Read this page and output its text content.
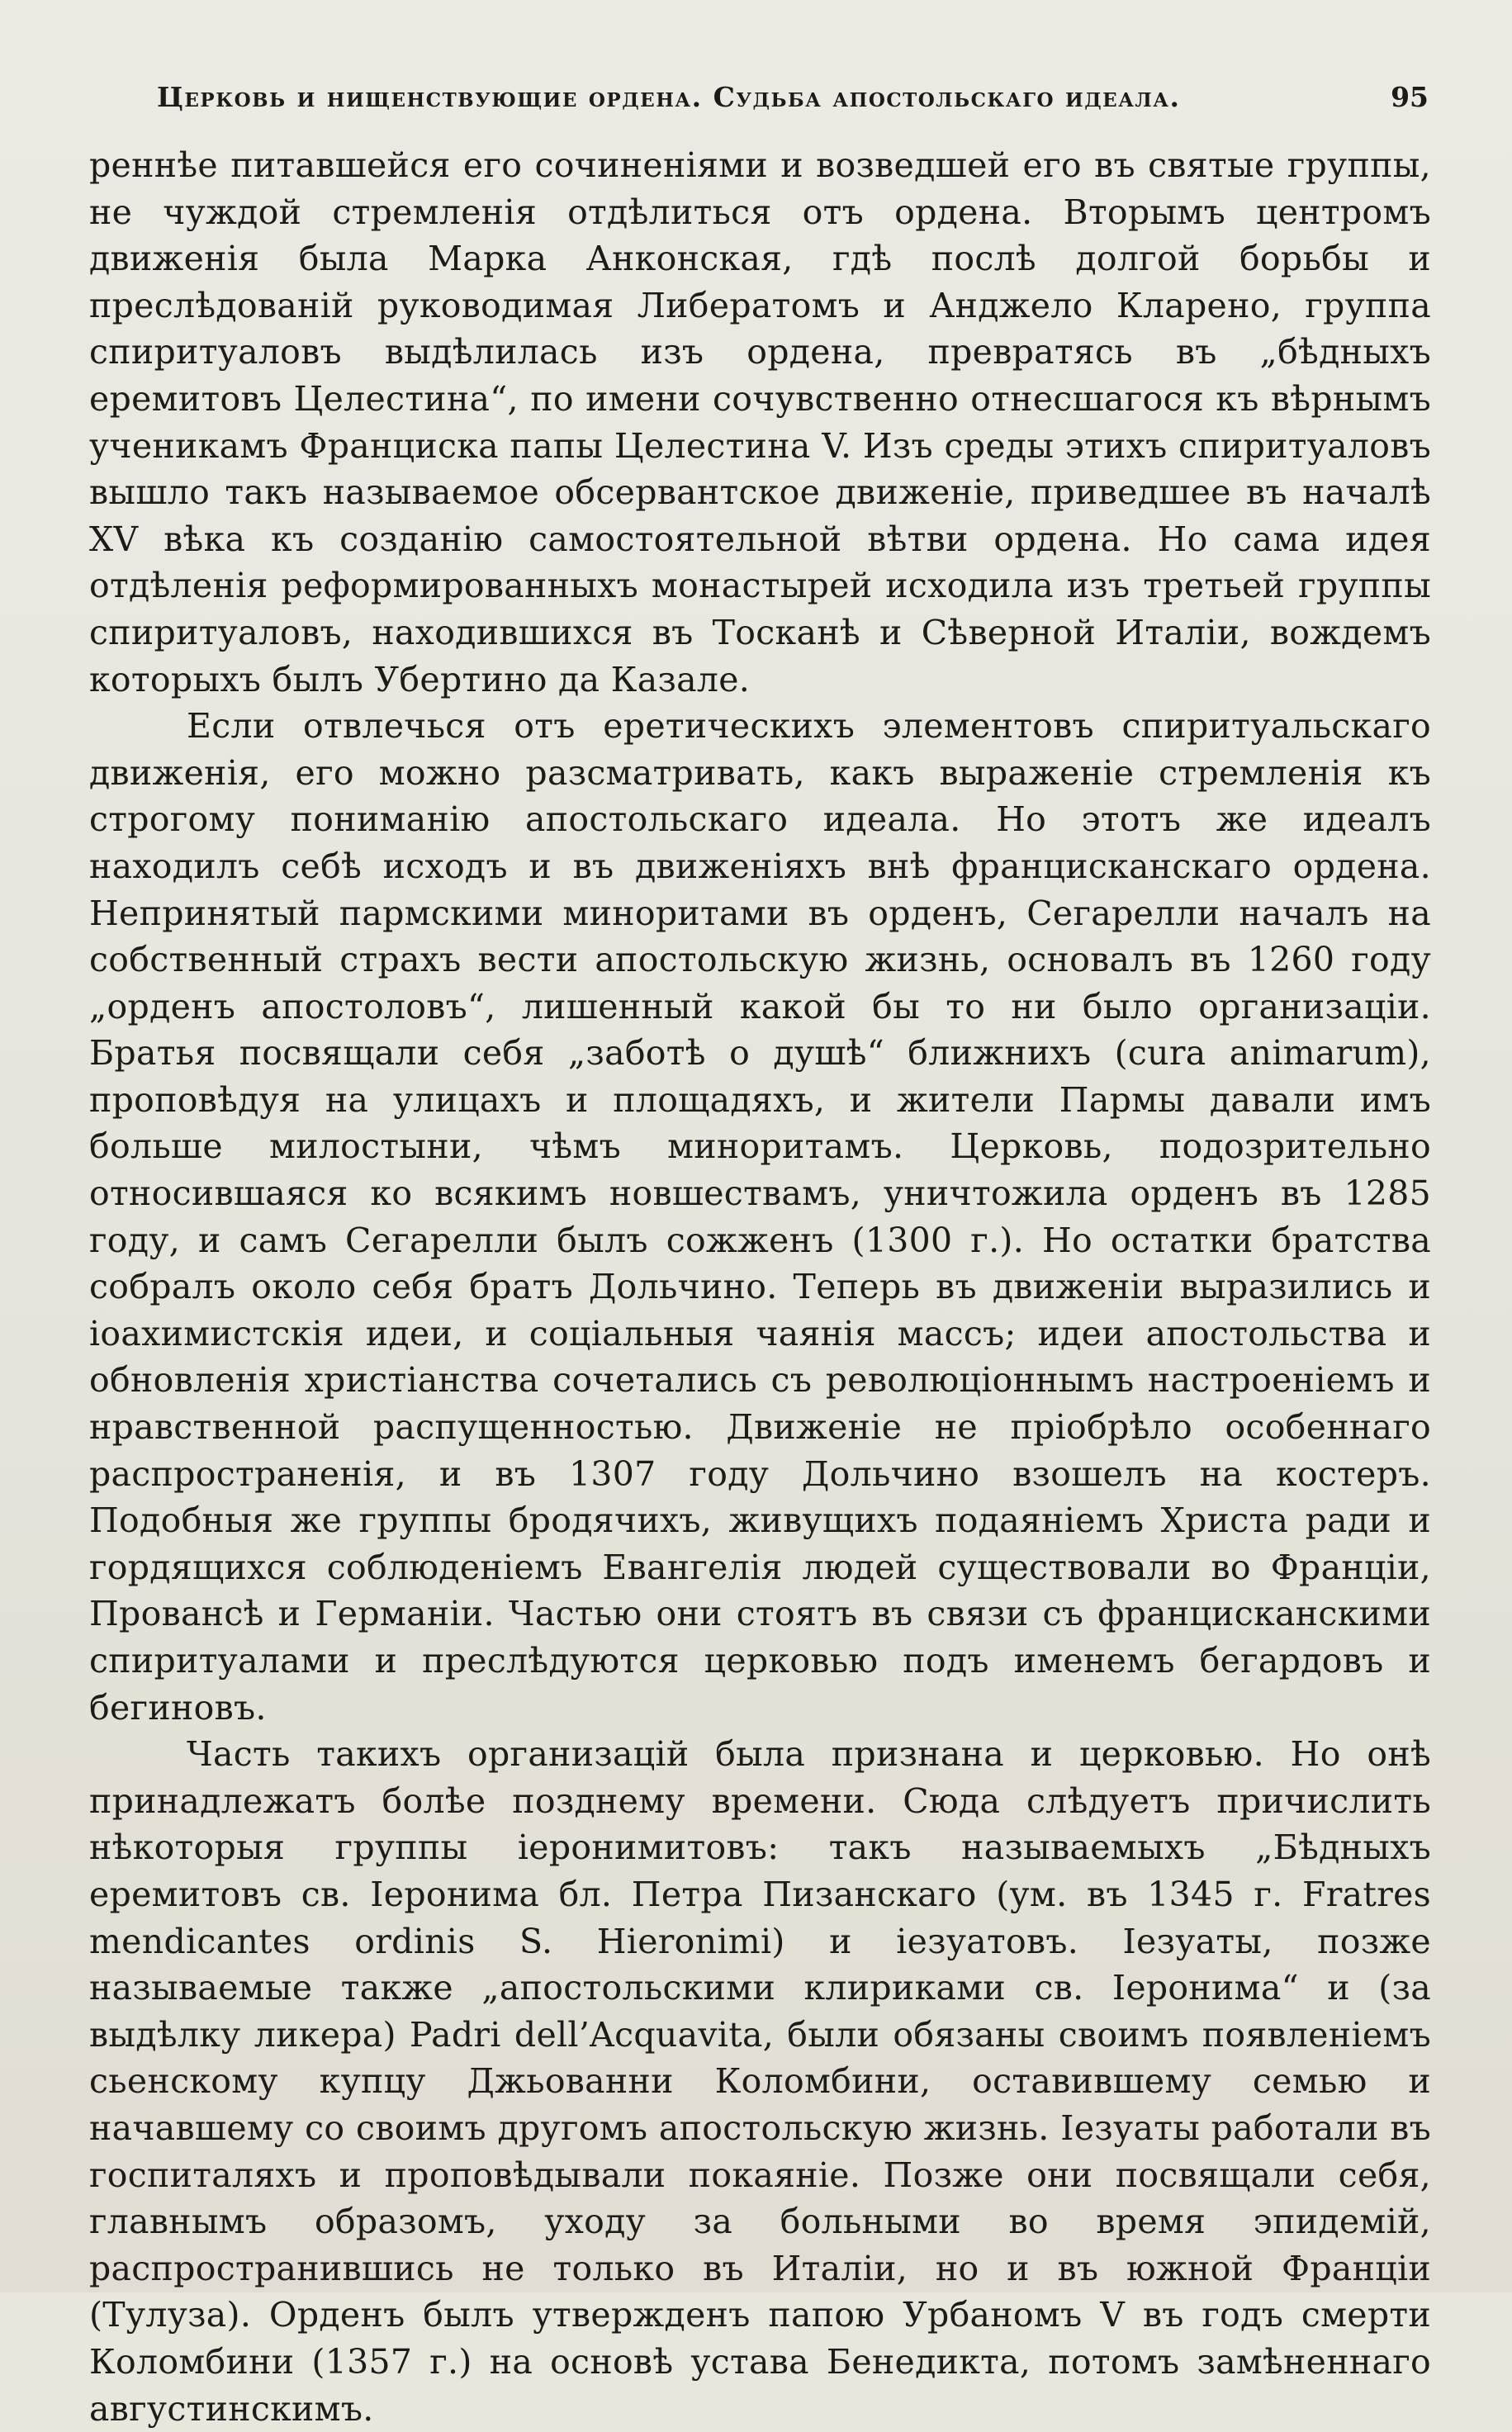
Церковь и нищенствующие ордена. Судьба апостольскаго идеала.	95

реннѣе питавшейся его сочиненіями и возведшей его въ святые группы, не чуждой стремленія отдѣлиться отъ ордена. Вторымъ центромъ движенія была Марка Анконская, гдѣ послѣ долгой борьбы и преслѣдованій руководимая Либератомъ и Анджело Кларено, группа спиритуаловъ выдѣлилась изъ ордена, превратясь въ „бѣдныхъ еремитовъ Целестина“, по имени сочувственно отнесшагося къ вѣрнымъ ученикамъ Франциска папы Целестина V. Изъ среды этихъ спиритуаловъ вышло такъ называемое обсервантское движеніе, приведшее въ началѣ XV вѣка къ созданію самостоятельной вѣтви ордена. Но сама идея отдѣленія реформированныхъ монастырей исходила изъ третьей группы спиритуаловъ, находившихся въ Тосканѣ и Сѣверной Италіи, вождемъ которыхъ былъ Убертино да Казале.

Если отвлечься отъ еретическихъ элементовъ спиритуальскаго движенія, его можно разсматривать, какъ выраженіе стремленія къ строгому пониманію апостольскаго идеала. Но этотъ же идеалъ находилъ себѣ исходъ и въ движеніяхъ внѣ францисканскаго ордена. Непринятый пармскими миноритами въ орденъ, Сегарелли началъ на собственный страхъ вести апостольскую жизнь, основалъ въ 1260 году „орденъ апостоловъ“, лишенный какой бы то ни было организаціи. Братья посвящали себя „заботѣ о душѣ“ ближнихъ (cura animarum), проповѣдуя на улицахъ и площадяхъ, и жители Пармы давали имъ больше милостыни, чѣмъ миноритамъ. Церковь, подозрительно относившаяся ко всякимъ новшествамъ, уничтожила орденъ въ 1285 году, и самъ Сегарелли былъ сожженъ (1300 г.). Но остатки братства собралъ около себя братъ Дольчино. Теперь въ движеніи выразились и іоахимистскія идеи, и соціальныя чаянія массъ; идеи апостольства и обновленія христіанства сочетались съ революціоннымъ настроеніемъ и нравственной распущенностью. Движеніе не пріобрѣло особеннаго распространенія, и въ 1307 году Дольчино взошелъ на костеръ. Подобныя же группы бродячихъ, живущихъ подаяніемъ Христа ради и гордящихся соблюденіемъ Евангелія людей существовали во Франціи, Провансѣ и Германіи. Частью они стоятъ въ связи съ францисканскими спиритуалами и преслѣдуются церковью подъ именемъ бегардовъ и бегиновъ.

Часть такихъ организацій была признана и церковью. Но онѣ принадлежатъ болѣе позднему времени. Сюда слѣдуетъ причислить нѣкоторыя группы іеронимитовъ: такъ называемыхъ „Бѣдныхъ еремитовъ св. Іеронима бл. Петра Пизанскаго (ум. въ 1345 г. Fratres mendicantes ordinis S. Hieronimi) и іезуатовъ. Іезуаты, позже называемые также „апостольскими клириками св. Іеронима“ и (за выдѣлку ликера) Padri dell’Acquavita, были обязаны своимъ появленіемъ сьенскому купцу Джьованни Коломбини, оставившему семью и начавшему со своимъ другомъ апостольскую жизнь. Іезуаты работали въ госпиталяхъ и проповѣдывали покаяніе. Позже они посвящали себя, главнымъ образомъ, уходу за больными во время эпидемій, распространившись не только въ Италіи, но и въ южной Франціи (Тулуза). Орденъ былъ утвержденъ папою Урбаномъ V въ годъ смерти Коломбини (1357 г.) на основѣ устава Бенедикта, потомъ замѣненнаго августинскимъ.
